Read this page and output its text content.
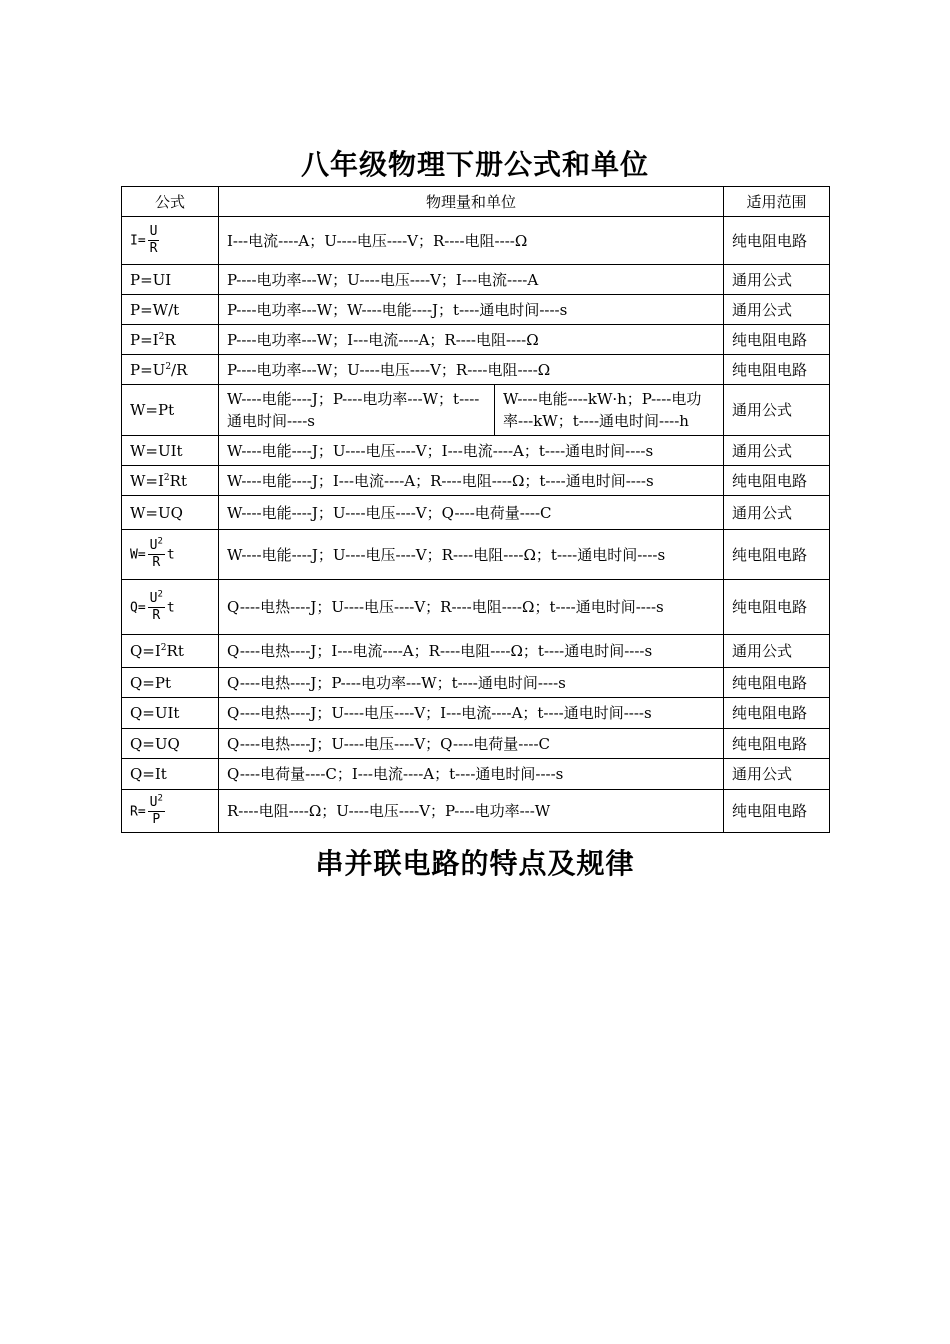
八年级物理下册公式和单位
公式	物理量和单位		适用范围
$I= \frac{U}{R}$	I---电流----A；U----电压----V；R----电阻----Ω		纯电阻电路
P=UI	P----电功率---W；U----电压----V；I---电流----A		通用公式
P=W/t	P----电功率---W；W----电能----J；t----通电时间----s		通用公式
$P=I^2R$	P----电功率---W；I---电流----A；R----电阻----Ω		纯电阻电路
$P=U^2/R$	P----电功率---W；U----电压----V；R----电阻----Ω		纯电阻电路
W=Pt	W----电能----J；P----电功率---W；t----通电时间----s	W----电能----kW·h；P----电功率---kW；t----通电时间----h	通用公式
W=UIt	W----电能----J；U----电压----V；I---电流----A；t----通电时间----s		通用公式
$W=I^2Rt$	W----电能----J；I---电流----A；R----电阻----Ω；t----通电时间----s		纯电阻电路
W=UQ	W----电能----J；U----电压----V；Q----电荷量----C		通用公式
$W= \frac{U^2}{R}$ t	W----电能----J；U----电压----V；R----电阻----Ω；t----通电时间----s		纯电阻电路
$Q= \frac{U^2}{R}$ t	Q----电热----J；U----电压----V；R----电阻----Ω；t----通电时间----s		纯电阻电路
$Q=I^2Rt$	Q----电热----J；I---电流----A；R----电阻----Ω；t----通电时间----s		通用公式
Q=Pt	Q----电热----J；P----电功率---W；t----通电时间----s		纯电阻电路
Q=UIt	Q----电热----J；U----电压----V；I---电流----A；t----通电时间----s		纯电阻电路
Q=UQ	Q----电热----J；U----电压----V；Q----电荷量----C		纯电阻电路
Q=It	Q----电荷量----C；I---电流----A；t----通电时间----s		通用公式
$R= \frac{U^2}{P}$	R----电阻----Ω；U----电压----V；P----电功率---W		纯电阻电路
串并联电路的特点及规律
